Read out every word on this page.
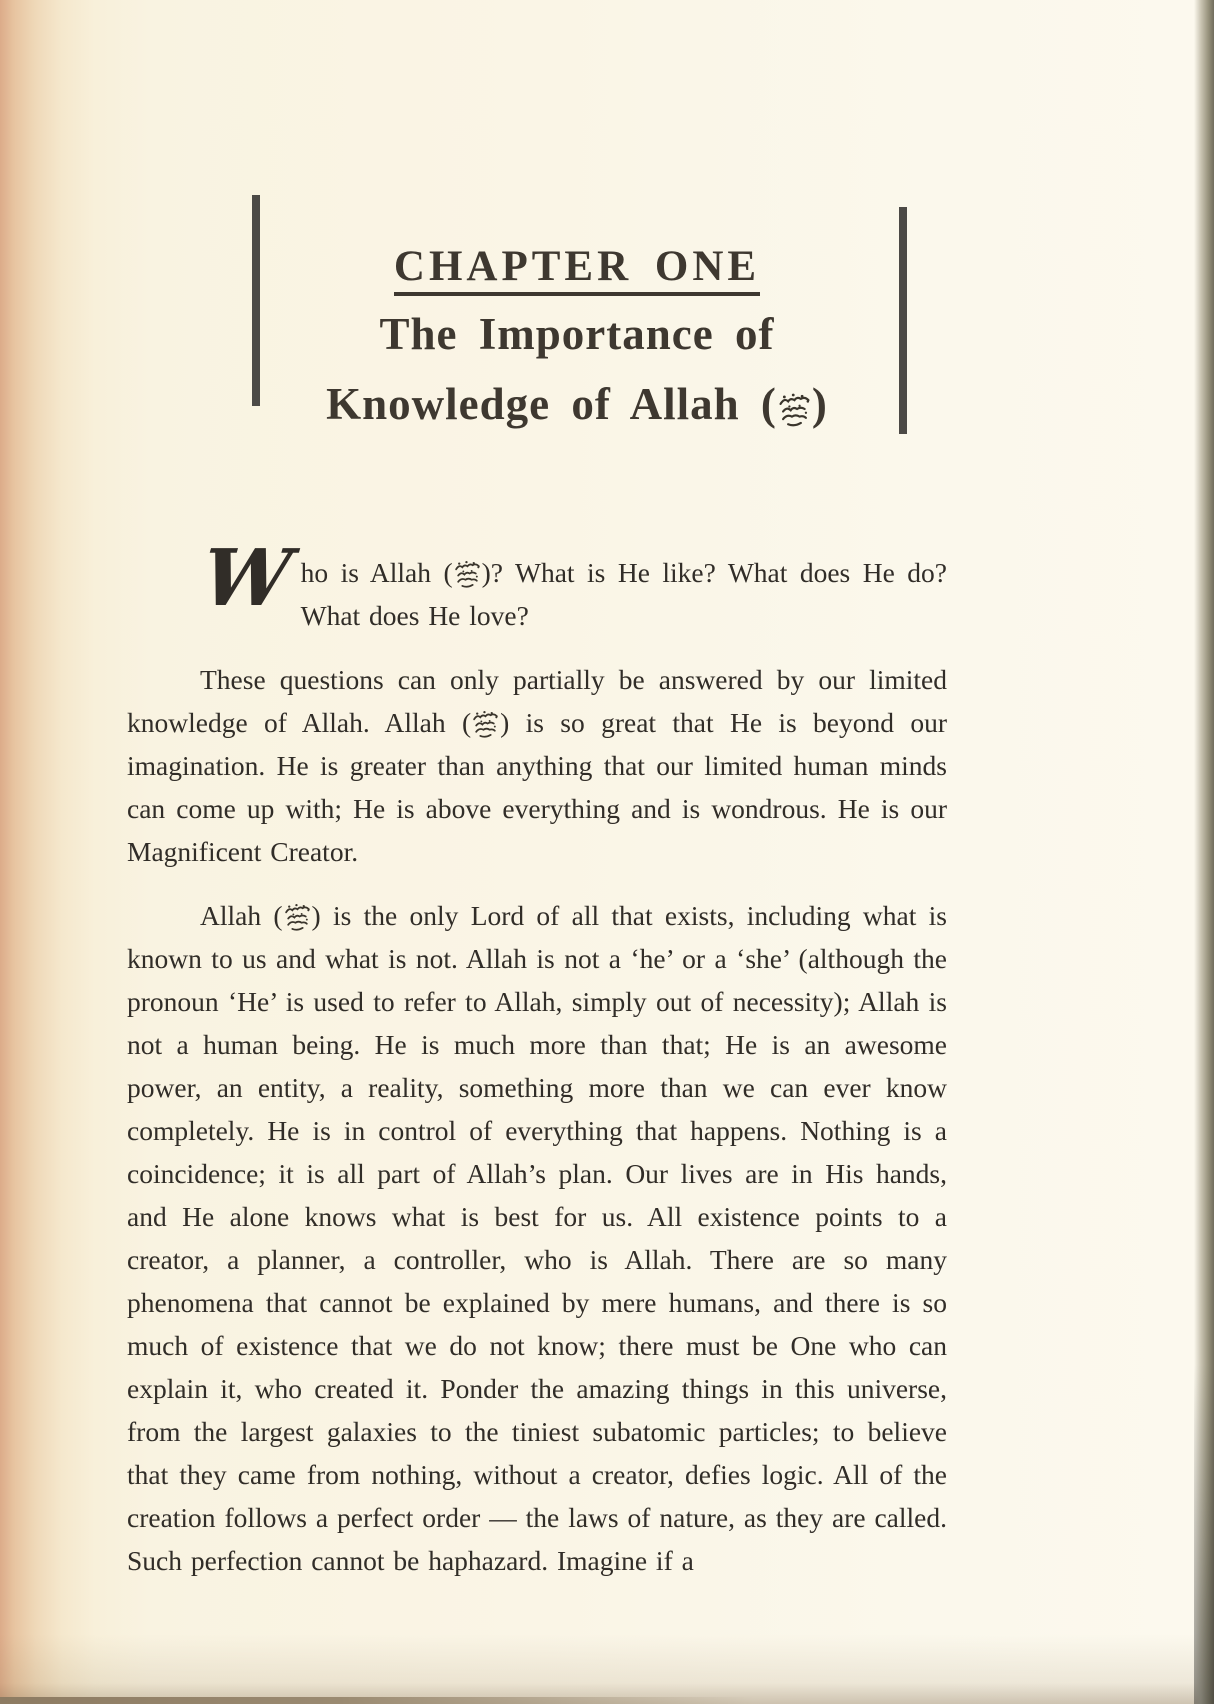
CHAPTER ONE
The Importance of
Knowledge of Allah ( )

Who is Allah ( )? What is He like? What does He do? What does He love?

These questions can only partially be answered by our limited knowledge of Allah. Allah ( ) is so great that He is beyond our imagination. He is greater than anything that our limited human minds can come up with; He is above everything and is wondrous. He is our Magnificent Creator.

Allah ( ) is the only Lord of all that exists, including what is known to us and what is not. Allah is not a ‘he’ or a ‘she’ (although the pronoun ‘He’ is used to refer to Allah, simply out of necessity); Allah is not a human being. He is much more than that; He is an awesome power, an entity, a reality, something more than we can ever know completely. He is in control of everything that happens. Nothing is a coincidence; it is all part of Allah’s plan. Our lives are in His hands, and He alone knows what is best for us. All existence points to a creator, a planner, a controller, who is Allah. There are so many phenomena that cannot be explained by mere humans, and there is so much of existence that we do not know; there must be One who can explain it, who created it. Ponder the amazing things in this universe, from the largest galaxies to the tiniest subatomic particles; to believe that they came from nothing, without a creator, defies logic. All of the creation follows a perfect order — the laws of nature, as they are called. Such perfection cannot be haphazard. Imagine if a
